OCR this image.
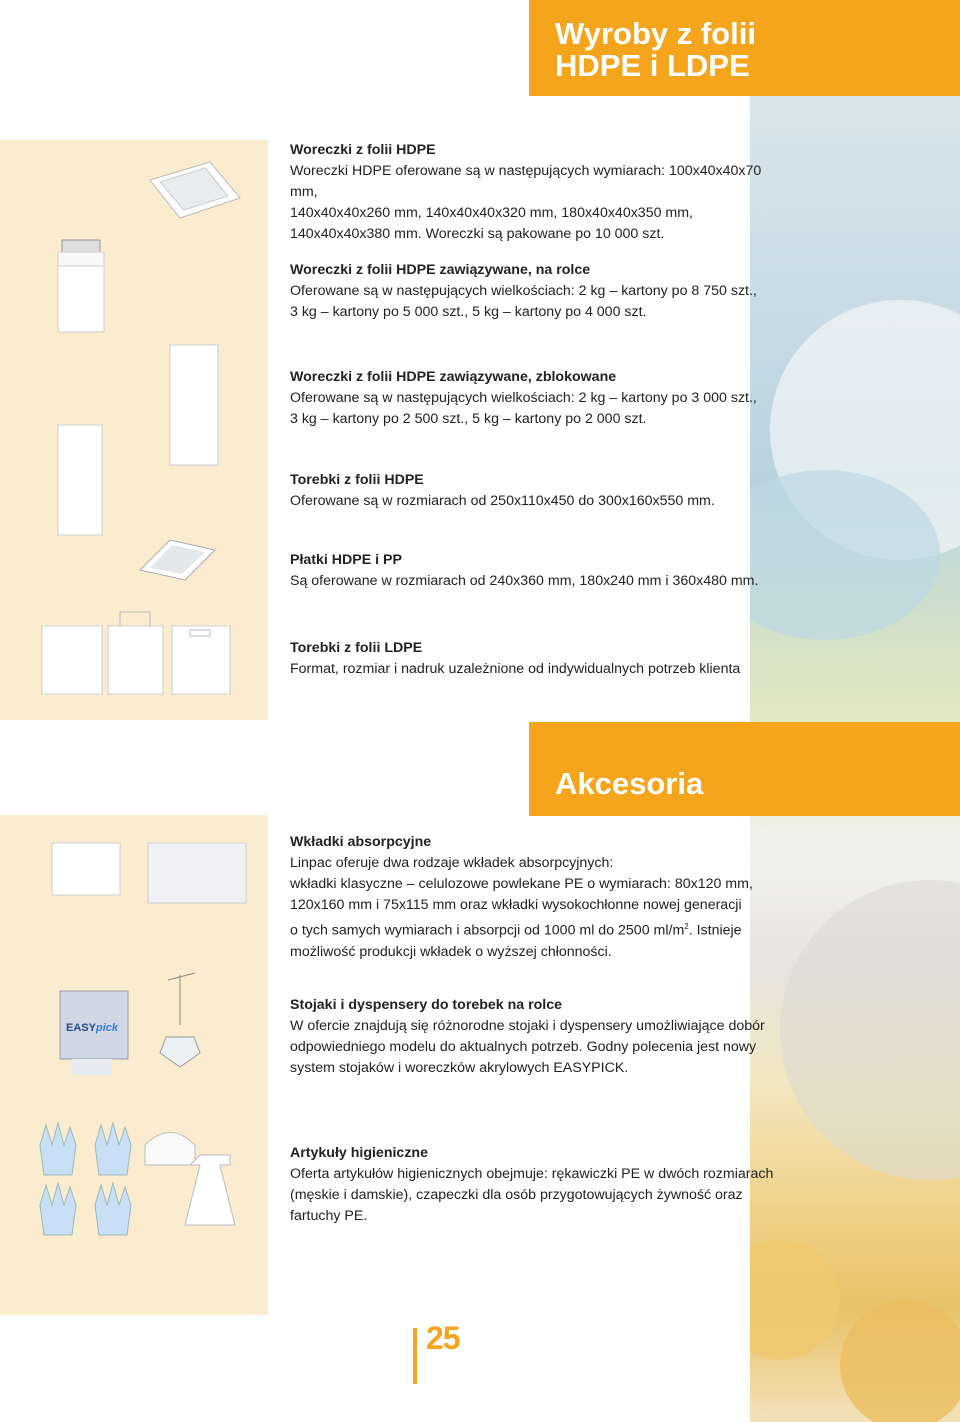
Wyroby z folii
HDPE i LDPE

Woreczki z folii HDPE

Woreczki HDPE oferowane są w następujących wymiarach: 100x40x40x70 mm,

140x40x40x260 mm, 140x40x40x320 mm, 180x40x40x350 mm,

140x40x40x380 mm. Woreczki są pakowane po 10 000 szt.

Woreczki z folii HDPE zawiązywane, na rolce

Oferowane są w następujących wielkościach: 2 kg – kartony po 8 750 szt.,

3 kg – kartony po 5 000 szt., 5 kg – kartony po 4 000 szt.

Woreczki z folii HDPE zawiązywane, zblokowane

Oferowane są w następujących wielkościach: 2 kg – kartony po 3 000 szt.,

3 kg – kartony po 2 500 szt., 5 kg – kartony po 2 000 szt.

Torebki z folii HDPE

Oferowane są w rozmiarach od 250x110x450 do 300x160x550 mm.

Płatki HDPE i PP

Są oferowane w rozmiarach od 240x360 mm, 180x240 mm i 360x480 mm.

Torebki z folii LDPE

Format, rozmiar i nadruk uzależnione od indywidualnych potrzeb klienta

Akcesoria
EASYpick

Wkładki absorpcyjne

Linpac oferuje dwa rodzaje wkładek absorpcyjnych:

wkładki klasyczne – celulozowe powlekane PE o wymiarach: 80x120 mm,

120x160 mm i 75x115 mm oraz wkładki wysokochłonne nowej generacji

o tych samych wymiarach i absorpcji od 1000 ml do 2500 $ml/m^2$. Istnieje

możliwość produkcji wkładek o wyższej chłonności.

Stojaki i dyspensery do torebek na rolce

W ofercie znajdują się różnorodne stojaki i dyspensery umożliwiające dobór

odpowiedniego modelu do aktualnych potrzeb. Godny polecenia jest nowy

system stojaków i woreczków akrylowych EASYPICK.

Artykuły higieniczne

Oferta artykułów higienicznych obejmuje: rękawiczki PE w dwóch rozmiarach

(męskie i damskie), czapeczki dla osób przygotowujących żywność oraz

fartuchy PE.

25
